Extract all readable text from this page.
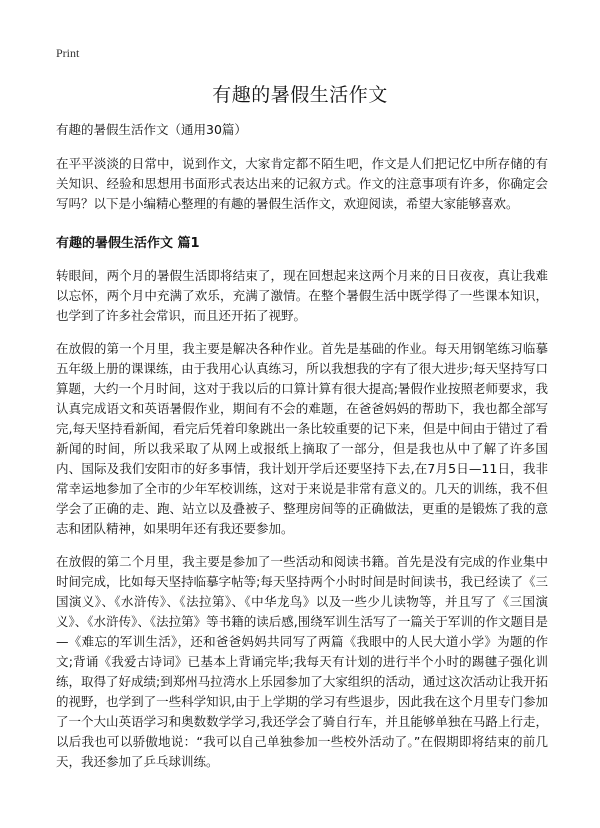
Print
有趣的暑假生活作文
有趣的暑假生活作文（通用30篇）

在平平淡淡的日常中，说到作文，大家肯定都不陌生吧，作文是人们把记忆中所存储的有关知识、经验和思想用书面形式表达出来的记叙方式。作文的注意事项有许多，你确定会写吗？以下是小编精心整理的有趣的暑假生活作文，欢迎阅读，希望大家能够喜欢。

有趣的暑假生活作文 篇1

转眼间，两个月的暑假生活即将结束了，现在回想起来这两个月来的日日夜夜，真让我难以忘怀，两个月中充满了欢乐，充满了激情。在整个暑假生活中既学得了一些课本知识，也学到了许多社会常识，而且还开拓了视野。

在放假的第一个月里，我主要是解决各种作业。首先是基础的作业。每天用钢笔练习临摹五年级上册的课课练，由于我用心认真练习，所以我想我的字有了很大进步;每天坚持写口算题，大约一个月时间，这对于我以后的口算计算有很大提高;暑假作业按照老师要求，我认真完成语文和英语暑假作业，期间有不会的难题，在爸爸妈妈的帮助下，我也都全部写完,每天坚持看新闻，看完后凭着印象跳出一条比较重要的记下来，但是中间由于错过了看新闻的时间，所以我采取了从网上或报纸上摘取了一部分，但是我也从中了解了许多国内、国际及我们安阳市的好多事情，我计划开学后还要坚持下去,在7月5日—11日，我非常幸运地参加了全市的少年军校训练，这对于来说是非常有意义的。几天的训练，我不但学会了正确的走、跑、站立以及叠被子、整理房间等的正确做法，更重的是锻炼了我的意志和团队精神，如果明年还有我还要参加。

在放假的第二个月里，我主要是参加了一些活动和阅读书籍。首先是没有完成的作业集中时间完成，比如每天坚持临摹字帖等;每天坚持两个小时时间是时间读书，我已经读了《三国演义》、《水浒传》、《法拉第》、《中华龙鸟》以及一些少儿读物等，并且写了《三国演义》、《水浒传》、《法拉第》等书籍的读后感,围绕军训生活写了一篇关于军训的作文题目是—《难忘的军训生活》，还和爸爸妈妈共同写了两篇《我眼中的人民大道小学》为题的作文;背诵《我爱古诗词》已基本上背诵完毕;我每天有计划的进行半个小时的踢毽子强化训练，取得了好成绩;到郑州马拉湾水上乐园参加了大家组织的活动，通过这次活动让我开拓的视野，也学到了一些科学知识,由于上学期的学习有些退步，因此我在这个月里专门参加了一个大山英语学习和奥数数学学习,我还学会了骑自行车，并且能够单独在马路上行走，以后我也可以骄傲地说：“我可以自己单独参加一些校外活动了。”在假期即将结束的前几天，我还参加了乒乓球训练。
